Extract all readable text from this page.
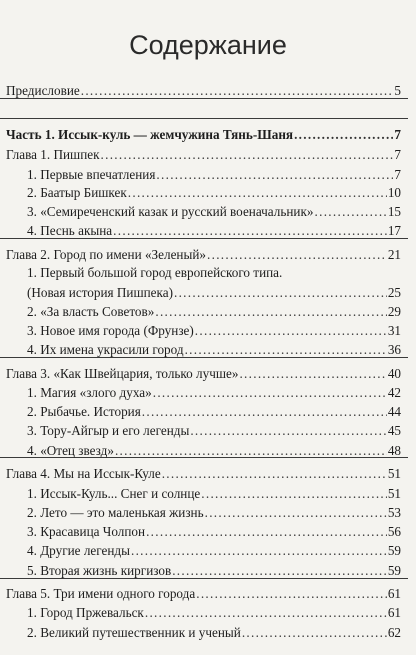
Содержание
Предисловие . . .	5
Часть 1. Иссык-куль — жемчужина Тянь-Шаня . . .	7
Глава 1. Пишпек . . .	7
1. Первые впечатления . . .	7
2. Баатыр Бишкек . . .	10
3. «Семиреченский казак и русский военачальник» . . .	15
4. Песнь акына . . .	17
Глава 2. Город по имени «Зеленый» . . .	21
1. Первый большой город европейского типа.
(Новая история Пишпека) . . .	25
2. «За власть Советов» . . .	29
3. Новое имя города (Фрунзе) . . .	31
4. Их имена украсили город . . .	36
Глава 3. «Как Швейцария, только лучше» . . .	40
1. Магия «злого духа» . . .	42
2. Рыбачье. История . . .	44
3. Тору-Айгыр и его легенды . . .	45
4. «Отец звезд» . . .	48
Глава 4. Мы на Иссык-Куле . . .	51
1. Иссык-Куль... Снег и солнце . . .	51
2. Лето — это маленькая жизнь . . .	53
3. Красавица Чолпон . . .	56
4. Другие легенды . . .	59
5. Вторая жизнь киргизов . . .	59
Глава 5. Три имени одного города . . .	61
1. Город Пржевальск . . .	61
2. Великий путешественник и ученый . . .	62
